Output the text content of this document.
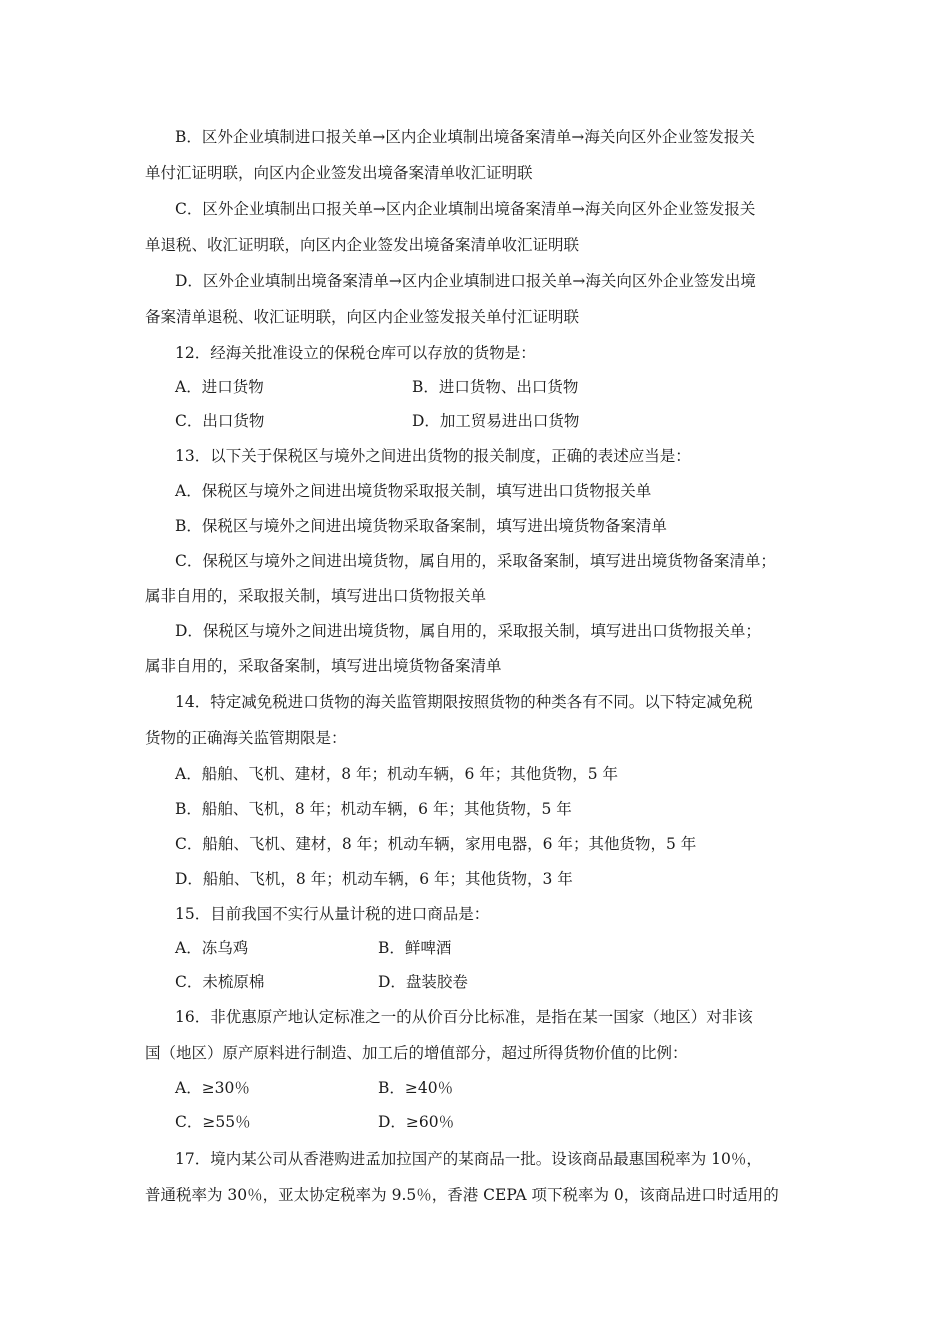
B．区外企业填制进口报关单→区内企业填制出境备案清单→海关向区外企业签发报关
单付汇证明联，向区内企业签发出境备案清单收汇证明联
C．区外企业填制出口报关单→区内企业填制出境备案清单→海关向区外企业签发报关
单退税、收汇证明联，向区内企业签发出境备案清单收汇证明联
D．区外企业填制出境备案清单→区内企业填制进口报关单→海关向区外企业签发出境
备案清单退税、收汇证明联，向区内企业签发报关单付汇证明联
12．经海关批准设立的保税仓库可以存放的货物是：
A．进口货物	B．进口货物、出口货物
C．出口货物	D．加工贸易进出口货物
13．以下关于保税区与境外之间进出货物的报关制度，正确的表述应当是：
A．保税区与境外之间进出境货物采取报关制，填写进出口货物报关单
B．保税区与境外之间进出境货物采取备案制，填写进出境货物备案清单
C．保税区与境外之间进出境货物，属自用的，采取备案制，填写进出境货物备案清单；
属非自用的，采取报关制，填写进出口货物报关单
D．保税区与境外之间进出境货物，属自用的，采取报关制，填写进出口货物报关单；
属非自用的，采取备案制，填写进出境货物备案清单
14．特定减免税进口货物的海关监管期限按照货物的种类各有不同。以下特定减免税
货物的正确海关监管期限是：
A．船舶、飞机、建材，8 年；机动车辆，6 年；其他货物，5 年
B．船舶、飞机，8 年；机动车辆，6 年；其他货物，5 年
C．船舶、飞机、建材，8 年；机动车辆，家用电器，6 年；其他货物，5 年
D．船舶、飞机，8 年；机动车辆，6 年；其他货物，3 年
15．目前我国不实行从量计税的进口商品是：
A．冻乌鸡	B．鲜啤酒
C．未梳原棉	D．盘装胶卷
16．非优惠原产地认定标准之一的从价百分比标准，是指在某一国家（地区）对非该
国（地区）原产原料进行制造、加工后的增值部分，超过所得货物价值的比例：
A．≥30％	B．≥40％
C．≥55％	D．≥60％
17．境内某公司从香港购进孟加拉国产的某商品一批。设该商品最惠国税率为 10％，
普通税率为 30％，亚太协定税率为 9.5％，香港 CEPA 项下税率为 0，该商品进口时适用的
